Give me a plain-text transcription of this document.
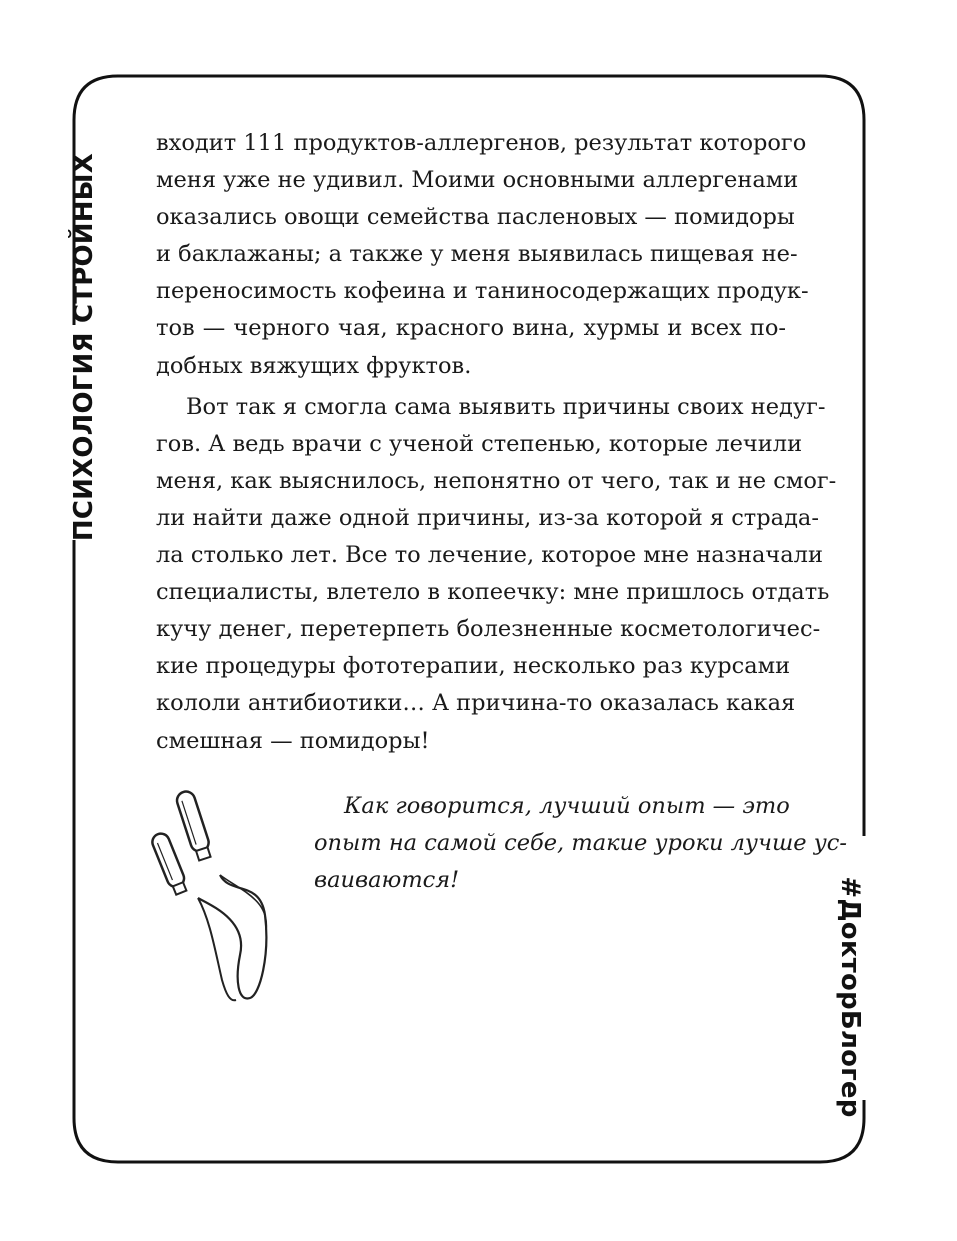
ПСИХОЛОГИЯ СТРОЙНЫХ
#ДокторБлогер
входит 111 продуктов-аллергенов, результат которого
меня уже не удивил. Моими основными аллергенами
оказались овощи семейства пасленовых — помидоры
и баклажаны; а также у меня выявилась пищевая не-
переносимость кофеина и таниносодержащих продук-
тов — черного чая, красного вина, хурмы и всех по-
добных вяжущих фруктов.
Вот так я смогла сама выявить причины своих недуг-
гов. А ведь врачи с ученой степенью, которые лечили
меня, как выяснилось, непонятно от чего, так и не смог-
ли найти даже одной причины, из-за которой я страда-
ла столько лет. Все то лечение, которое мне назначали
специалисты, влетело в копеечку: мне пришлось отдать
кучу денег, перетерпеть болезненные косметологичес-
кие процедуры фототерапии, несколько раз курсами
кололи антибиотики… А причина-то оказалась какая
смешная — помидоры!
Как говорится, лучший опыт — это
опыт на самой себе, такие уроки лучше ус-
ваиваются!
